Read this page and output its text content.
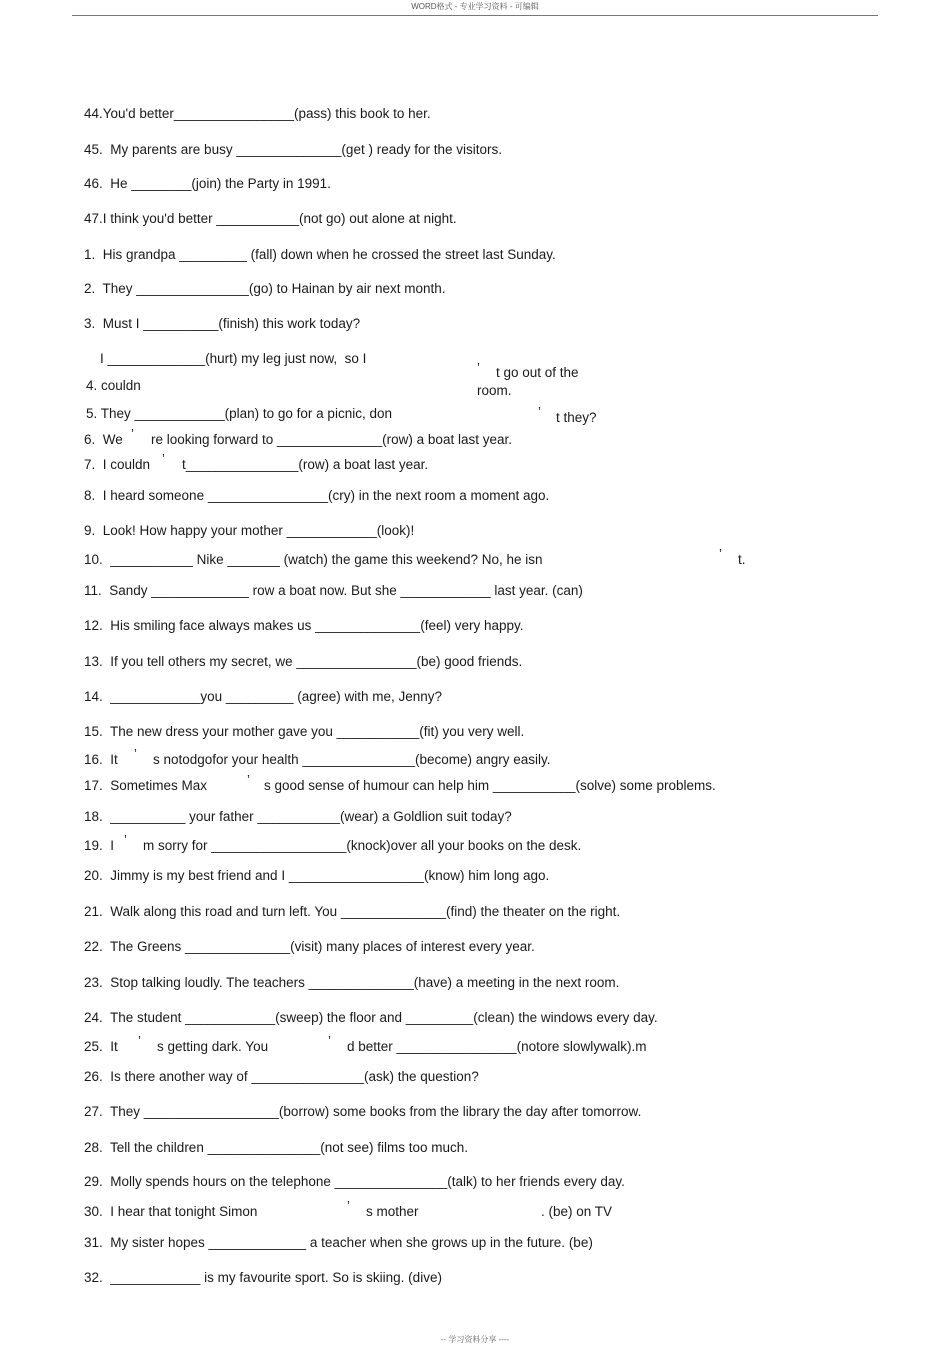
WORD格式 - 专业学习资料 - 可编辑
44.You'd better________________(pass) this book to her.
45.  My parents are busy ______________(get ) ready for the visitors.
46.  He ________(join) the Party in 1991.
47.I think you'd better ___________(not go) out alone at night.
1.  His grandpa _________ (fall) down when he crossed the street last Sunday.
2.  They _______________(go) to Hainan by air next month.
3.  Must I __________(finish) this work today?
I _____________(hurt) my leg just now,  so I
4. couldn
’ t go out of the
room.
5. They ____________(plan) to go for a picnic, don	’ t they?
6.  We ’ re looking forward to ______________(row) a boat last year.
7.  I couldn ’ t_______________(row) a boat last year.
8.  I heard someone ________________(cry) in the next room a moment ago.
9.  Look! How happy your mother ____________(look)!
10.  ___________ Nike _______ (watch) the game this weekend? No, he isn	’ t.
11.  Sandy _____________ row a boat now. But she ____________ last year. (can)
12.  His smiling face always makes us ______________(feel) very happy.
13.  If you tell others my secret, we ________________(be) good friends.
14.  ____________you _________ (agree) with me, Jenny?
15.  The new dress your mother gave you ___________(fit) you very well.
16.  It ’ s notodgofor your health _______________(become) angry easily.
17.  Sometimes Max	’ s good sense of humour can help him ___________(solve) some problems.
18.  __________ your father ___________(wear) a Goldlion suit today?
19.  I ’ m sorry for __________________(knock)over all your books on the desk.
20.  Jimmy is my best friend and I __________________(know) him long ago.
21.  Walk along this road and turn left. You ______________(find) the theater on the right.
22.  The Greens ______________(visit) many places of interest every year.
23.  Stop talking loudly. The teachers ______________(have) a meeting in the next room.
24.  The student ____________(sweep) the floor and _________(clean) the windows every day.
25.  It ’ s getting dark. You	’ d better ________________(notore slowlywalk).m
26.  Is there another way of _______________(ask) the question?
27.  They __________________(borrow) some books from the library the day after tomorrow.
28.  Tell the children _______________(not see) films too much.
29.  Molly spends hours on the telephone _______________(talk) to her friends every day.
30.  I hear that tonight Simon	’ s mother	. (be) on TV
31.  My sister hopes _____________ a teacher when she grows up in the future. (be)
32.  ____________ is my favourite sport. So is skiing. (dive)
-- 学习资料分享 ----
